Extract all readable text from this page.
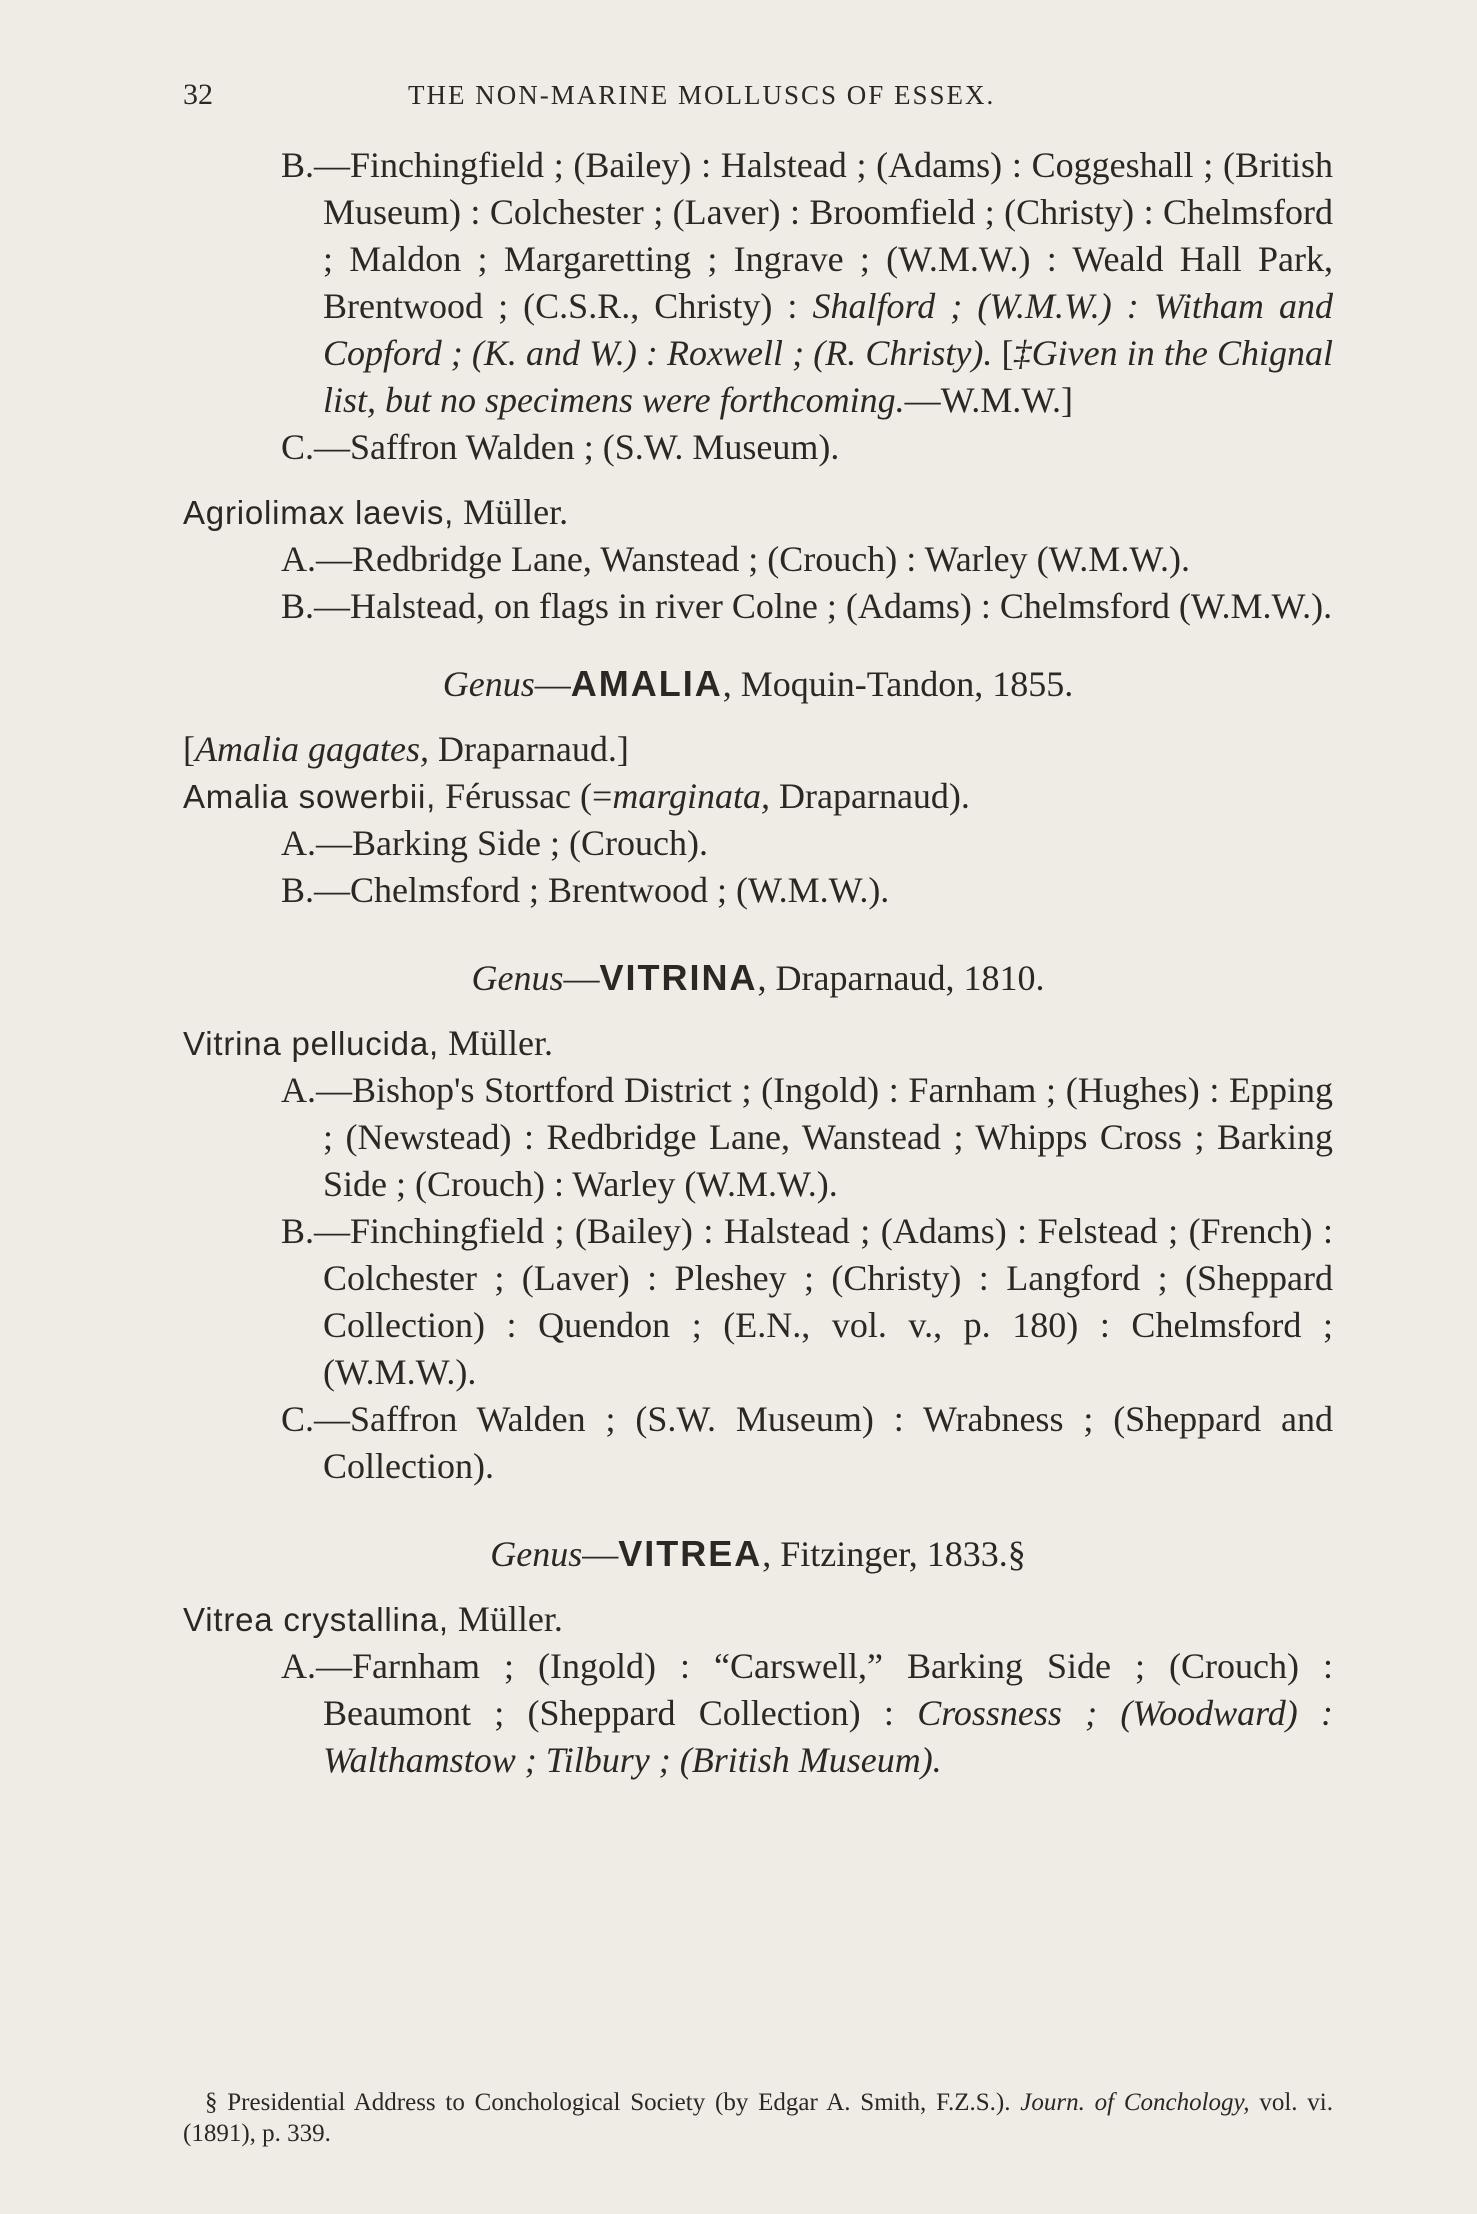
32	THE NON-MARINE MOLLUSCS OF ESSEX.

B.—Finchingfield ; (Bailey) : Halstead ; (Adams) : Coggeshall ; (British Museum) : Colchester ; (Laver) : Broomfield ; (Christy) : Chelmsford ; Maldon ; Margaretting ; Ingrave ; (W.M.W.) : Weald Hall Park, Brentwood ; (C.S.R., Christy) : Shalford ; (W.M.W.) : Witham and Copford ; (K. and W.) : Roxwell ; (R. Christy). [‡Given in the Chignal list, but no specimens were forthcoming.—W.M.W.]

C.—Saffron Walden ; (S.W. Museum).

Agriolimax laevis, Müller.

A.—Redbridge Lane, Wanstead ; (Crouch) : Warley (W.M.W.).

B.—Halstead, on flags in river Colne ; (Adams) : Chelmsford (W.M.W.).

Genus—AMALIA, Moquin-Tandon, 1855.

[Amalia gagates, Draparnaud.]

Amalia sowerbii, Férussac (=marginata, Draparnaud).

A.—Barking Side ; (Crouch).

B.—Chelmsford ; Brentwood ; (W.M.W.).

Genus—VITRINA, Draparnaud, 1810.

Vitrina pellucida, Müller.

A.—Bishop's Stortford District ; (Ingold) : Farnham ; (Hughes) : Epping ; (Newstead) : Redbridge Lane, Wanstead ; Whipps Cross ; Barking Side ; (Crouch) : Warley (W.M.W.).

B.—Finchingfield ; (Bailey) : Halstead ; (Adams) : Felstead ; (French) : Colchester ; (Laver) : Pleshey ; (Christy) : Langford ; (Sheppard Collection) : Quendon ; (E.N., vol. v., p. 180) : Chelmsford ; (W.M.W.).

C.—Saffron Walden ; (S.W. Museum) : Wrabness ; (Sheppard and Collection).

Genus—VITREA, Fitzinger, 1833.§

Vitrea crystallina, Müller.

A.—Farnham ; (Ingold) : “Carswell,” Barking Side ; (Crouch) : Beaumont ; (Sheppard Collection) : Crossness ; (Woodward) : Walthamstow ; Tilbury ; (British Museum).

§ Presidential Address to Conchological Society (by Edgar A. Smith, F.Z.S.). Journ. of Conchology, vol. vi. (1891), p. 339.
